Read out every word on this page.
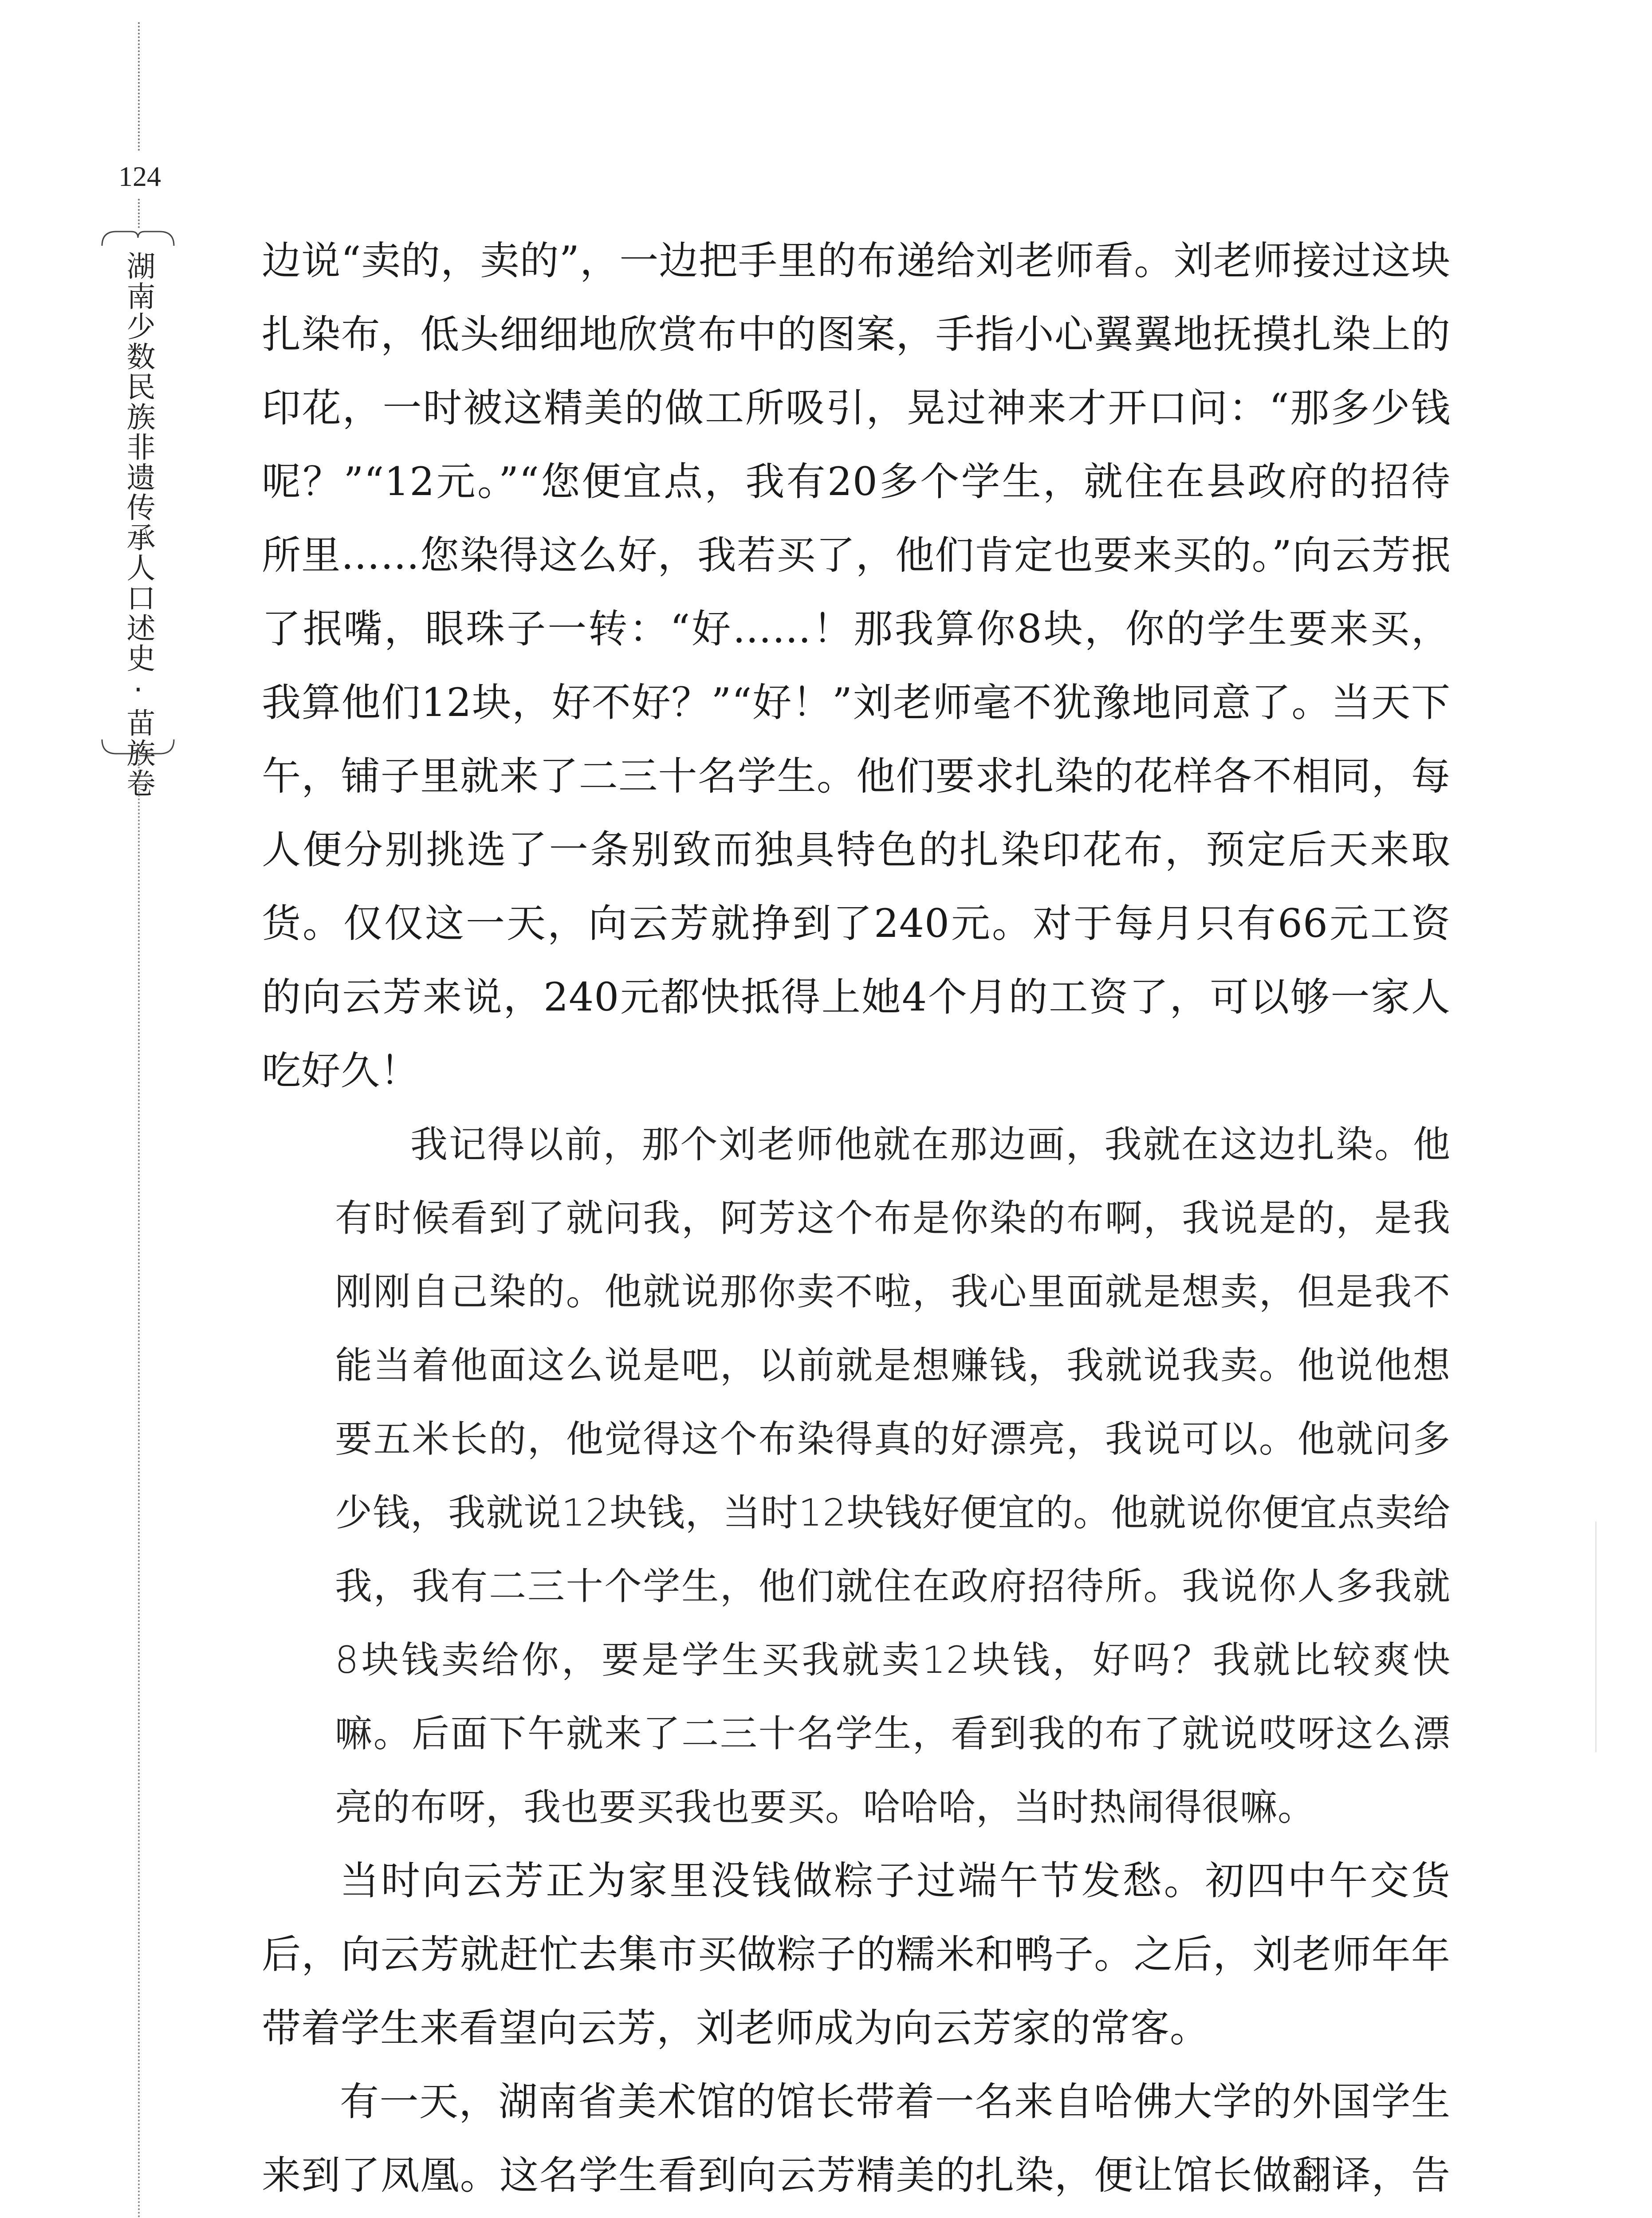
124
湖南少数民族非遗传承人口述史·苗族卷	边说“卖的，卖的”，一边把手里的布递给刘老师看。刘老师接过这块扎染布，低头细细地欣赏布中的图案，手指小心翼翼地抚摸扎染上的印花，一时被这精美的做工所吸引，晃过神来才开口问：“那多少钱呢？”“12元。”“您便宜点，我有20多个学生，就住在县政府的招待所里……您染得这么好，我若买了，他们肯定也要来买的。”向云芳抿了抿嘴，眼珠子一转：“好……！那我算你8块，你的学生要来买，我算他们12块，好不好？”“好！”刘老师毫不犹豫地同意了。当天下午，铺子里就来了二三十名学生。他们要求扎染的花样各不相同，每人便分别挑选了一条别致而独具特色的扎染印花布，预定后天来取货。仅仅这一天，向云芳就挣到了240元。对于每月只有66元工资的向云芳来说，240元都快抵得上她4个月的工资了，可以够一家人吃好久！

我记得以前，那个刘老师他就在那边画，我就在这边扎染。他有时候看到了就问我，阿芳这个布是你染的布啊，我说是的，是我刚刚自己染的。他就说那你卖不啦，我心里面就是想卖，但是我不能当着他面这么说是吧，以前就是想赚钱，我就说我卖。他说他想要五米长的，他觉得这个布染得真的好漂亮，我说可以。他就问多少钱，我就说12块钱，当时12块钱好便宜的。他就说你便宜点卖给我，我有二三十个学生，他们就住在政府招待所。我说你人多我就8块钱卖给你，要是学生买我就卖12块钱，好吗？我就比较爽快嘛。后面下午就来了二三十名学生，看到我的布了就说哎呀这么漂亮的布呀，我也要买我也要买。哈哈哈，当时热闹得很嘛。

当时向云芳正为家里没钱做粽子过端午节发愁。初四中午交货后，向云芳就赶忙去集市买做粽子的糯米和鸭子。之后，刘老师年年带着学生来看望向云芳，刘老师成为向云芳家的常客。

有一天，湖南省美术馆的馆长带着一名来自哈佛大学的外国学生来到了凤凰。这名学生看到向云芳精美的扎染，便让馆长做翻译，告
